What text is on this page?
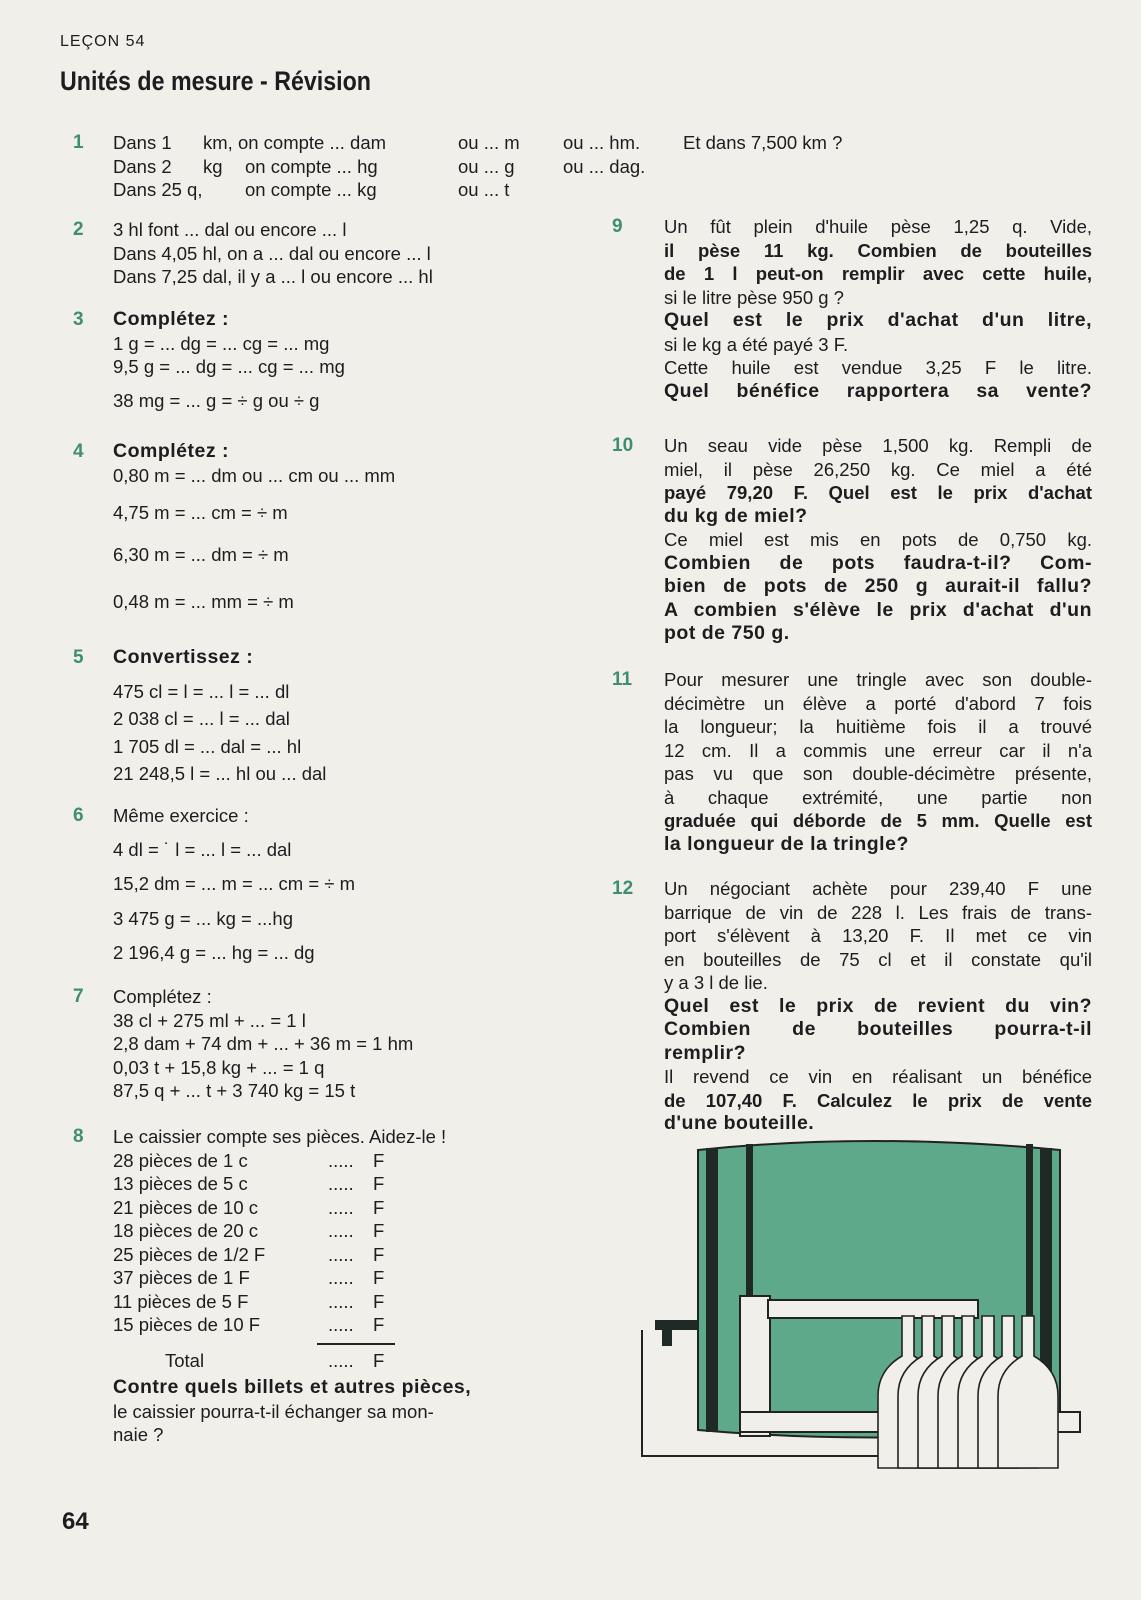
LEÇON 54
Unités de mesure - Révision
1 Dans 1 km, on compte ... dam	ou ... m ou ... hm. Et dans 7,500 km ?
Dans 2 kg on compte ... hg	ou ... g	ou ... dag.
Dans 25 q, on compte ... kg	ou ... t
2 3 hl font ... dal ou encore ... l
Dans 4,05 hl, on a ... dal ou encore ... l
Dans 7,25 dal, il y a ... l ou encore ... hl
3 Complétez :
1 g = ... dg = ... cg = ... mg
9,5 g = ... dg = ... cg = ... mg
38 mg = ... g = ÷ g ou ÷ g
4 Complétez :
0,80 m = ... dm ou ... cm ou ... mm
4,75 m = ... cm = ÷ m
6,30 m = ... dm = ÷ m
0,48 m = ... mm = ÷ m
5 Convertissez :
475 cl = l = ... l = ... dl
2 038 cl = ... l = ... dal
1 705 dl = ... dal = ... hl
21 248,5 l = ... hl ou ... dal
6 Même exercice :
4 dl = ˙ l = ... l = ... dal
15,2 dm = ... m = ... cm = ÷ m
3 475 g = ... kg = ...hg
2 196,4 g = ... hg = ... dg
7 Complétez :
38 cl + 275 ml + ... = 1 l
2,8 dam + 74 dm + ... + 36 m = 1 hm
0,03 t + 15,8 kg + ... = 1 q
87,5 q + ... t + 3 740 kg = 15 t
8 Le caissier compte ses pièces. Aidez-le !
28 pièces de 1 c	.....	F
13 pièces de 5 c	.....	F
21 pièces de 10 c	.....	F
18 pièces de 20 c	.....	F
25 pièces de 1/2 F	.....	F
37 pièces de 1 F	.....	F
11 pièces de 5 F	.....	F
15 pièces de 10 F	.....	F
Total	..... F
Contre quels billets et autres pièces,
le caissier pourra-t-il échanger sa mon-
naie ?
9 Un fût plein d'huile pèse 1,25 q. Vide,
il pèse 11 kg. Combien de bouteilles
de 1 l peut-on remplir avec cette huile,
si le litre pèse 950 g ?
Quel est le prix d'achat d'un litre,
si le kg a été payé 3 F.
Cette huile est vendue 3,25 F le litre.
Quel bénéfice rapportera sa vente?
10 Un seau vide pèse 1,500 kg. Rempli de
miel, il pèse 26,250 kg. Ce miel a été
payé 79,20 F. Quel est le prix d'achat
du kg de miel?
Ce miel est mis en pots de 0,750 kg.
Combien de pots faudra-t-il? Com-
bien de pots de 250 g aurait-il fallu?
A combien s'élève le prix d'achat d'un
pot de 750 g.
11 Pour mesurer une tringle avec son double-
décimètre un élève a porté d'abord 7 fois
la longueur; la huitième fois il a trouvé
12 cm. Il a commis une erreur car il n'a
pas vu que son double-décimètre présente,
à chaque extrémité, une partie non
graduée qui déborde de 5 mm. Quelle est
la longueur de la tringle?
12 Un négociant achète pour 239,40 F une
barrique de vin de 228 l. Les frais de trans-
port s'élèvent à 13,20 F. Il met ce vin
en bouteilles de 75 cl et il constate qu'il
y a 3 l de lie.
Quel est le prix de revient du vin?
Combien de bouteilles pourra-t-il
remplir?
Il revend ce vin en réalisant un bénéfice
de 107,40 F. Calculez le prix de vente
d'une bouteille.
64
